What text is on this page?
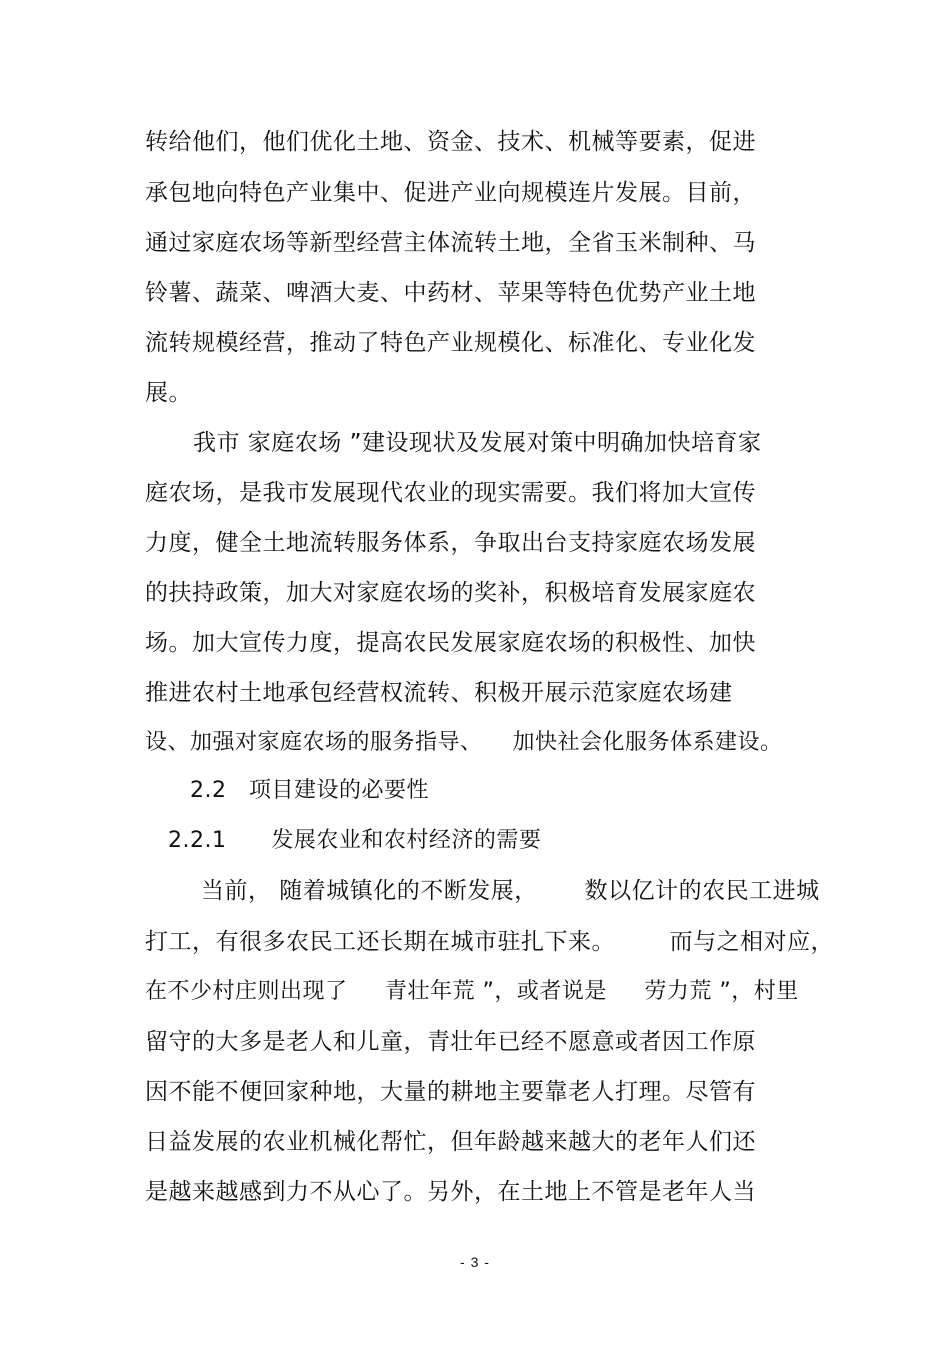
转给他们，他们优化土地、资金、技术、机械等要素，促进
承包地向特色产业集中、促进产业向规模连片发展。目前，
通过家庭农场等新型经营主体流转土地，全省玉米制种、马
铃薯、蔬菜、啤酒大麦、中药材、苹果等特色优势产业土地
流转规模经营，推动了特色产业规模化、标准化、专业化发
展。
我市 家庭农场 ”建设现状及发展对策中明确加快培育家
庭农场，是我市发展现代农业的现实需要。我们将加大宣传
力度，健全土地流转服务体系，争取出台支持家庭农场发展
的扶持政策，加大对家庭农场的奖补，积极培育发展家庭农
场。加大宣传力度，提高农民发展家庭农场的积极性、加快
推进农村土地承包经营权流转、积极开展示范家庭农场建
设、加强对家庭农场的服务指导、    加快社会化服务体系建设。
2.2   项目建设的必要性
2.2.1      发展农业和农村经济的需要
当前， 随着城镇化的不断发展，      数以亿计的农民工进城
打工，有很多农民工还长期在城市驻扎下来。       而与之相对应，
在不少村庄则出现了     青壮年荒 ”，或者说是     劳力荒 ”，村里
留守的大多是老人和儿童，青壮年已经不愿意或者因工作原
因不能不便回家种地，大量的耕地主要靠老人打理。尽管有
日益发展的农业机械化帮忙，但年龄越来越大的老年人们还
是越来越感到力不从心了。另外，在土地上不管是老年人当
- 3 -
